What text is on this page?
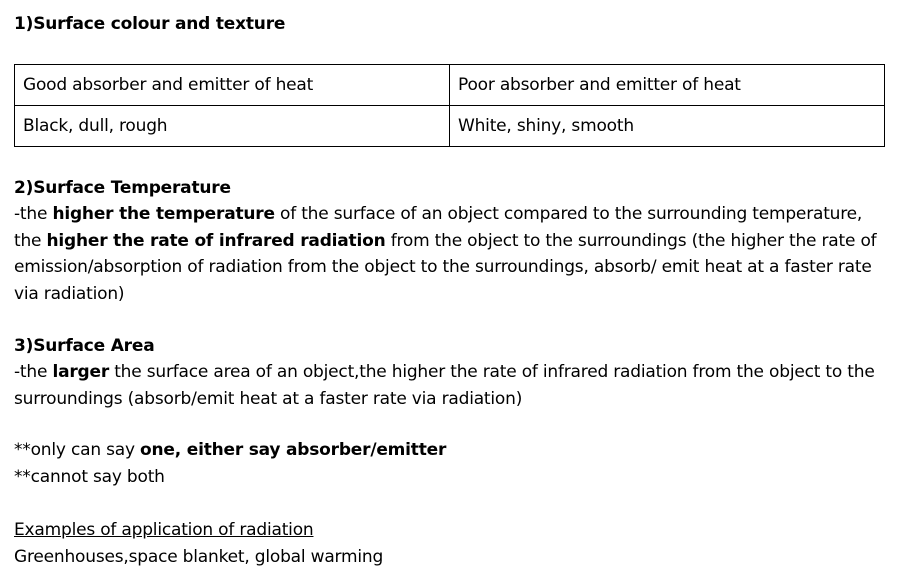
1)Surface colour and texture
Good absorber and emitter of heat	Poor absorber and emitter of heat
Black, dull, rough	White, shiny, smooth
2)Surface Temperature
-the higher the temperature of the surface of an object compared to the surrounding temperature, the higher the rate of infrared radiation from the object to the surroundings (the higher the rate of emission/absorption of radiation from the object to the surroundings, absorb/ emit heat at a faster rate via radiation)
3)Surface Area
-the larger the surface area of an object,the higher the rate of infrared radiation from the object to the surroundings (absorb/emit heat at a faster rate via radiation)
**only can say one, either say absorber/emitter
**cannot say both
Examples of application of radiation
Greenhouses,space blanket, global warming
